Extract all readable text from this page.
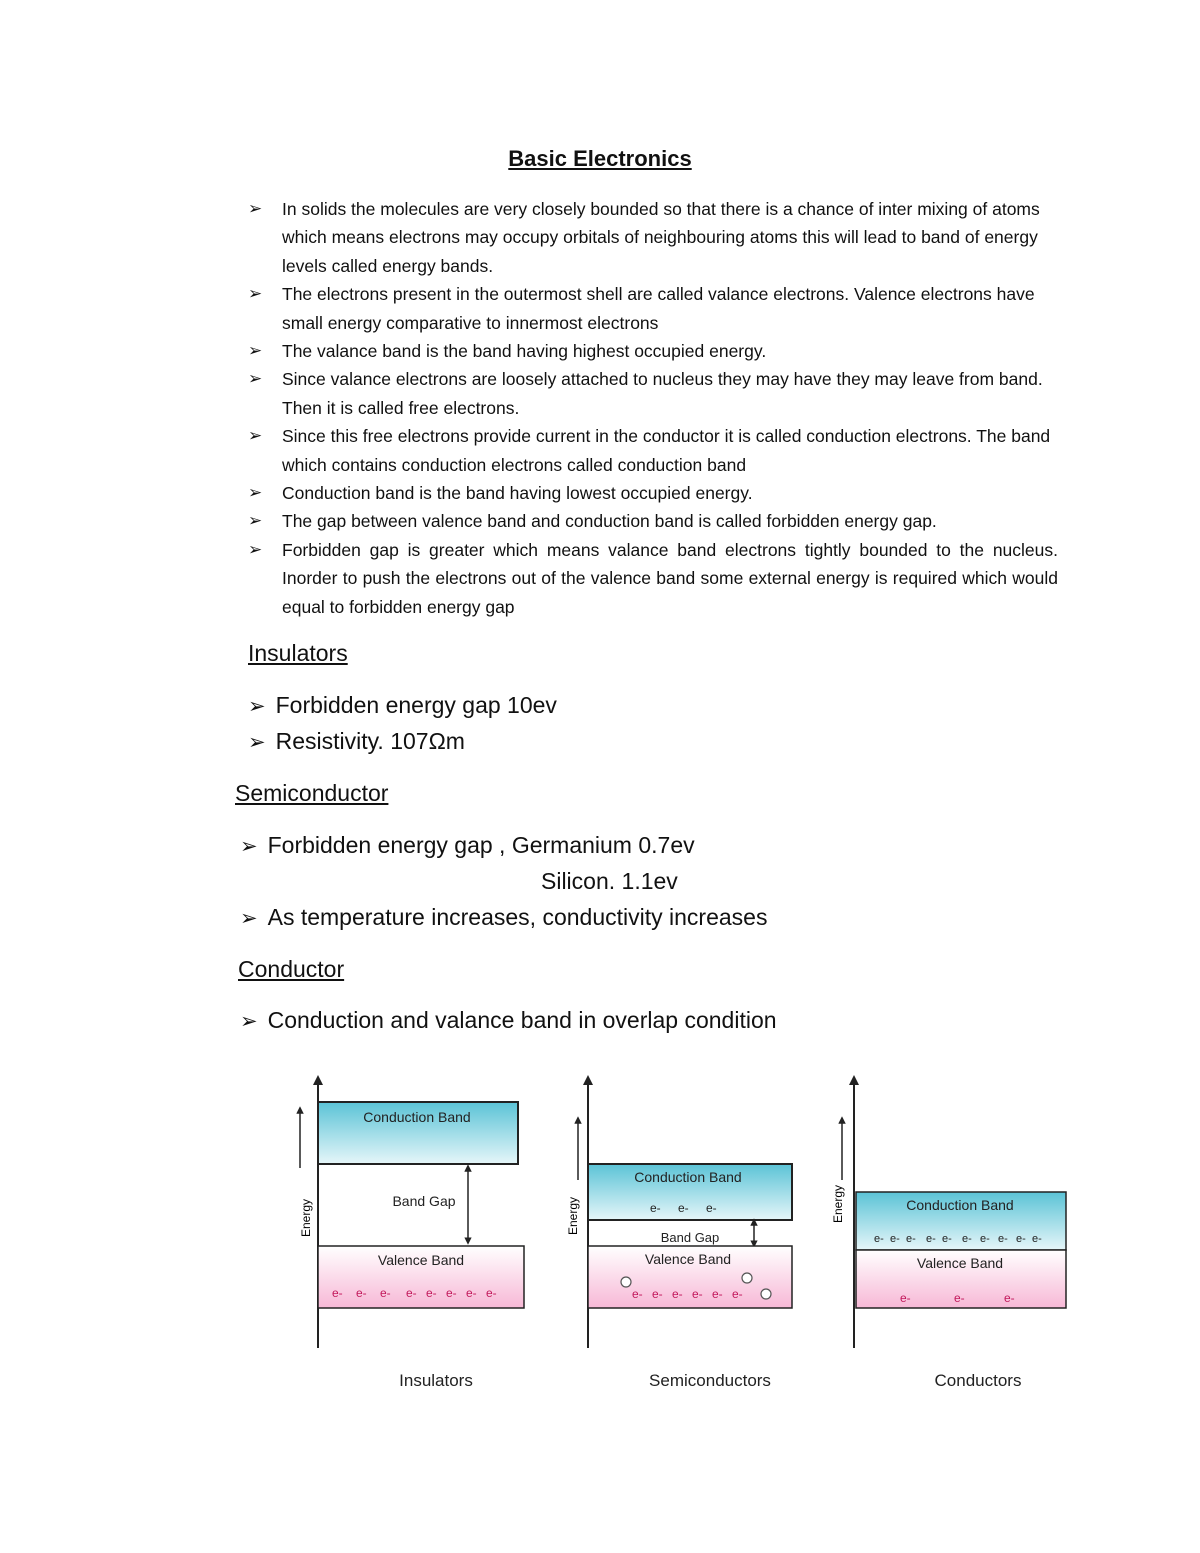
Basic Electronics
➢ In solids the molecules are very closely bounded so that there is a chance of inter mixing of atoms which means electrons may occupy orbitals of neighbouring atoms this will lead to band of energy levels called energy bands.
➢ The electrons present in the outermost shell are called valance electrons. Valence electrons have small energy comparative to innermost electrons
➢ The valance band is the band having highest occupied energy.
➢ Since valance electrons are loosely attached to nucleus they may have they may leave from band. Then it is called free electrons.
➢ Since this free electrons provide current in the conductor it is called conduction electrons. The band which contains conduction electrons called conduction band
➢ Conduction band is the band having lowest occupied energy.
➢ The gap between valence band and conduction band is called forbidden energy gap.
➢ Forbidden gap is greater which means valance band electrons tightly bounded to the nucleus. Inorder to push the electrons out of the valence band some external energy is required which would equal to forbidden energy gap
Insulators
➢ Forbidden energy gap 10ev
➢ Resistivity. 107Ωm
Semiconductor
➢ Forbidden energy gap , Germanium 0.7ev
Silicon. 1.1ev
➢ As temperature increases, conductivity increases
Conductor
➢ Conduction and valance band in overlap condition
Energy
Conduction Band
Band Gap
Valence Band
e- e- e- e- e- e- e- e-
Insulators
Energy
Conduction Band
e- e- e-
Band Gap
Valence Band
e- e- e- e- e- e-
Semiconductors
Energy	Conduction Band
e- e- e- e- e- e- e- e- e- e-
Valence Band
e-	e-	e-
Conductors
